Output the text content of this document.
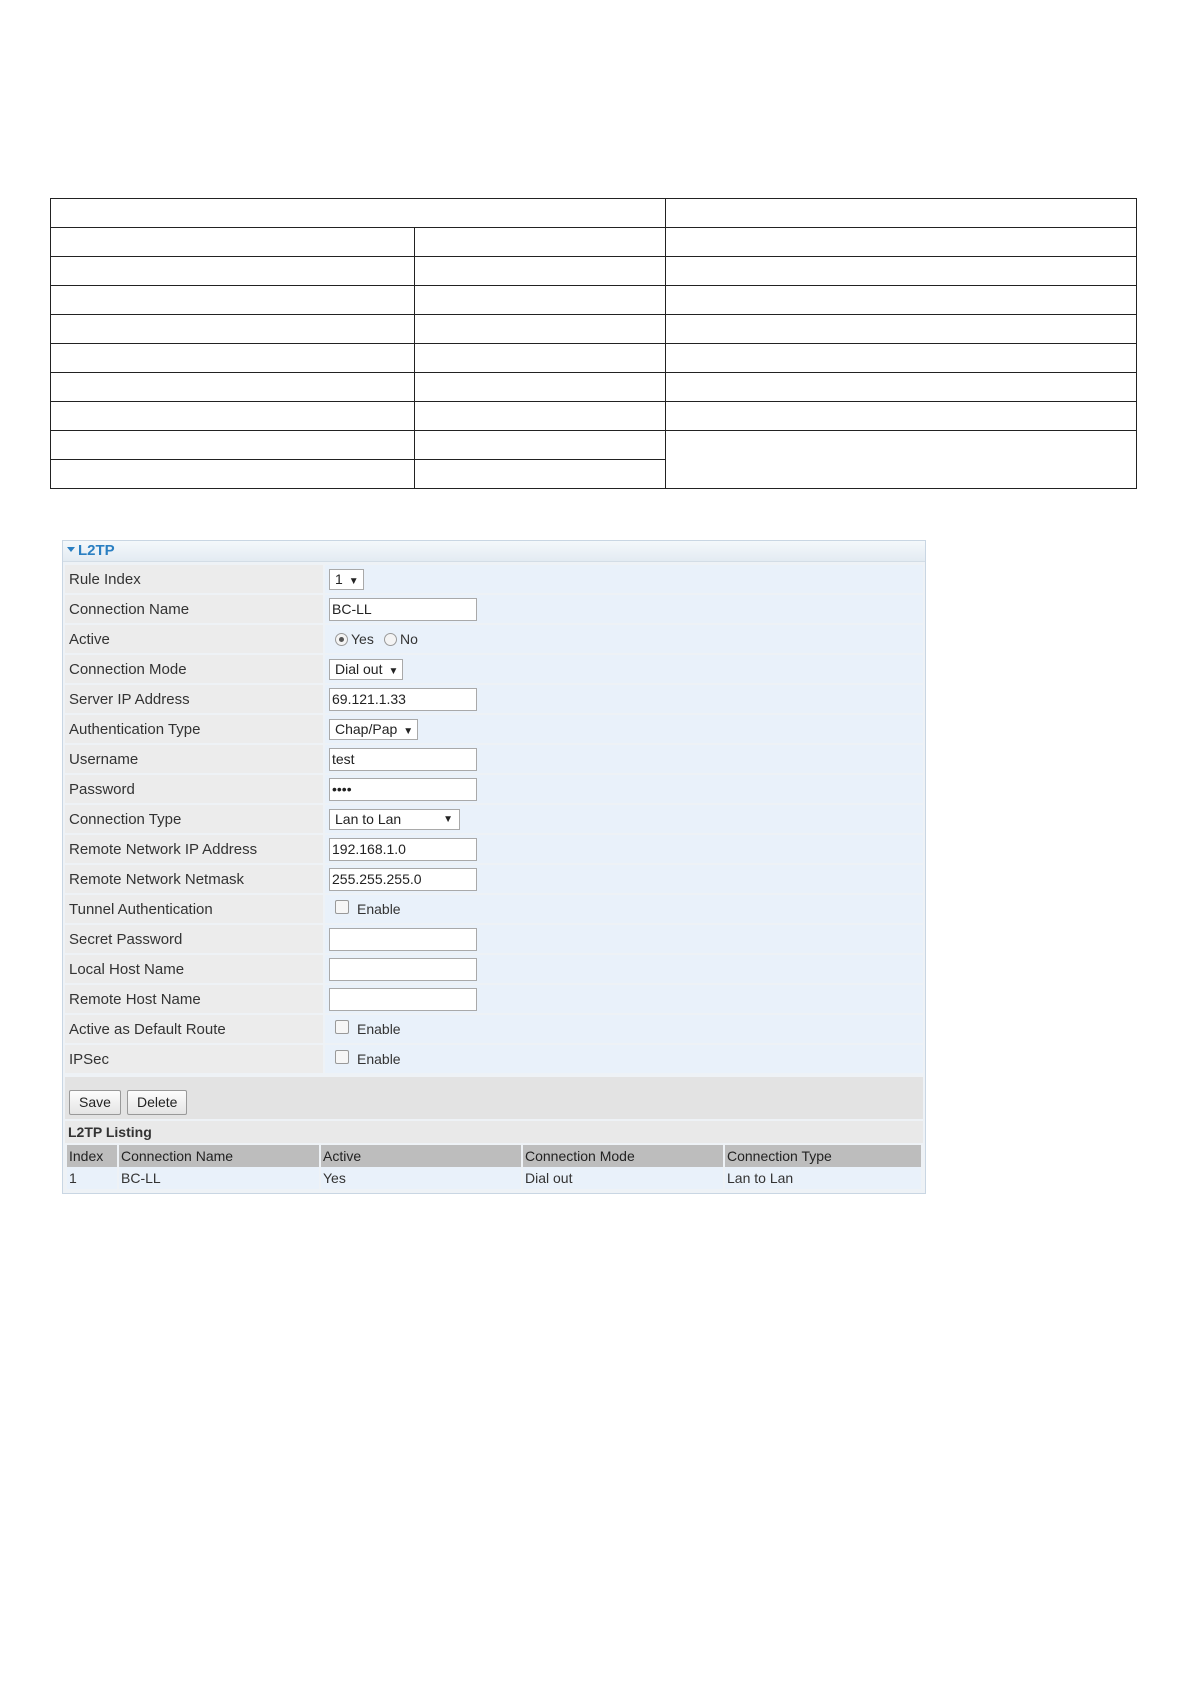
L2TP
Rule Index	1 ▼
Connection Name	BC-LL
Active	Yes No
Connection Mode	Dial out ▼
Server IP Address	69.121.1.33
Authentication Type	Chap/Pap ▼
Username	test
Password	••••
Connection Type	Lan to Lan ▼

Remote Network IP Address	192.168.1.0
Remote Network Netmask	255.255.255.0
Tunnel Authentication	Enable
Secret Password	
Local Host Name	
Remote Host Name	
Active as Default Route	Enable
IPSec	Enable
Save	Delete
L2TP Listing
Index	Connection Name	Active	Connection Mode	Connection Type
1	BC-LL	Yes	Dial out	Lan to Lan
